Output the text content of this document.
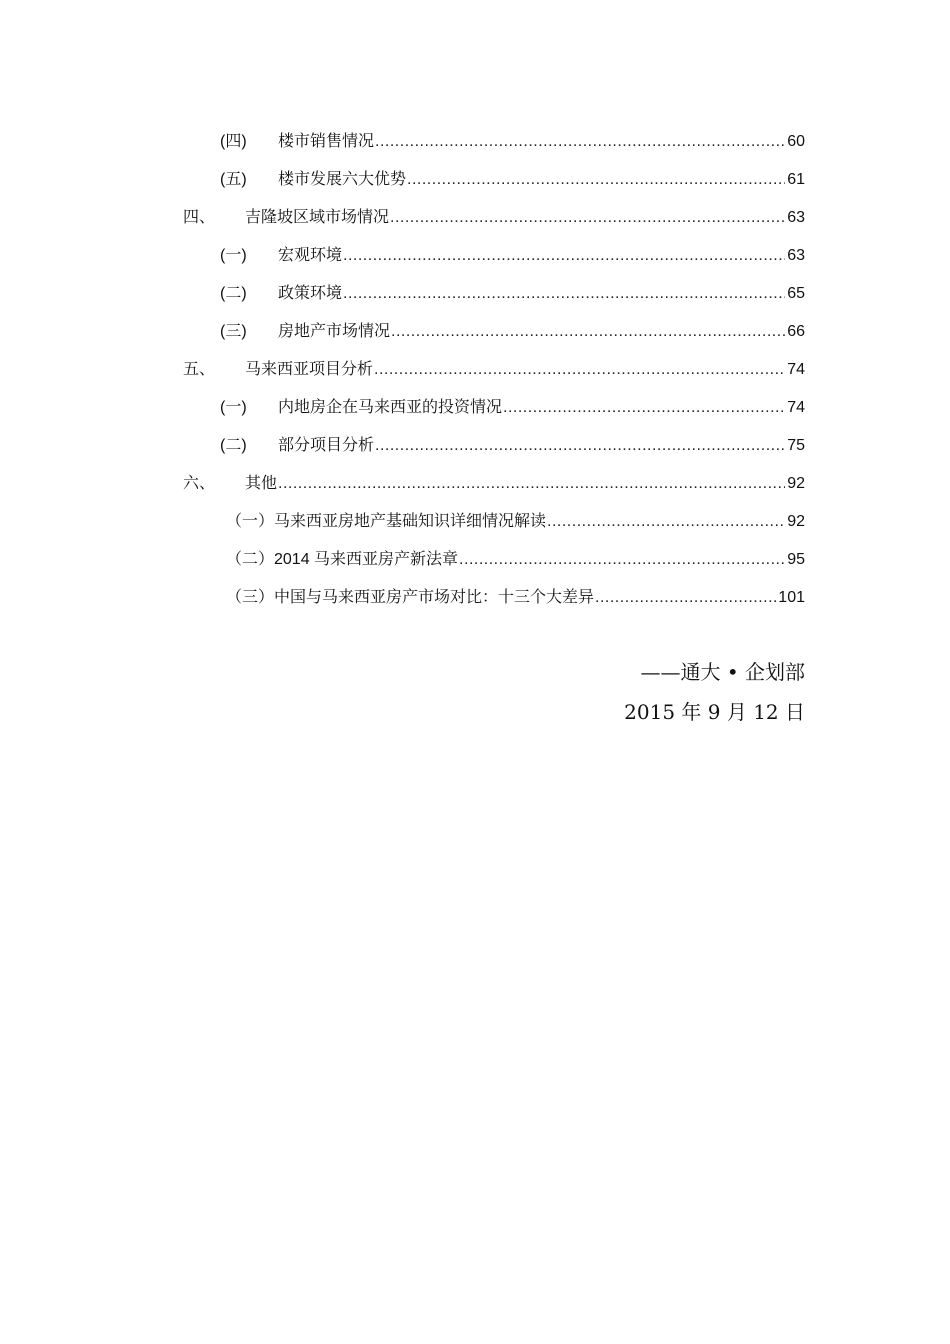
(四)	楼市销售情况 .....	60
(五)	楼市发展六大优势 .....	61
四、	吉隆坡区域市场情况 .....	63
(一)	宏观环境 .....	63
(二)	政策环境 .....	65
(三)	房地产市场情况 .....	66
五、	马来西亚项目分析 .....	74
(一)	内地房企在马来西亚的投资情况 .....	74
(二)	部分项目分析 .....	75
六、	其他 .....	92
（一）马来西亚房地产基础知识详细情况解读 .....	92
（二）2014 马来西亚房产新法章 .....	95
（三）中国与马来西亚房产市场对比：十三个大差异 .....	101
——通大 • 企划部
2015 年 9 月 12 日
